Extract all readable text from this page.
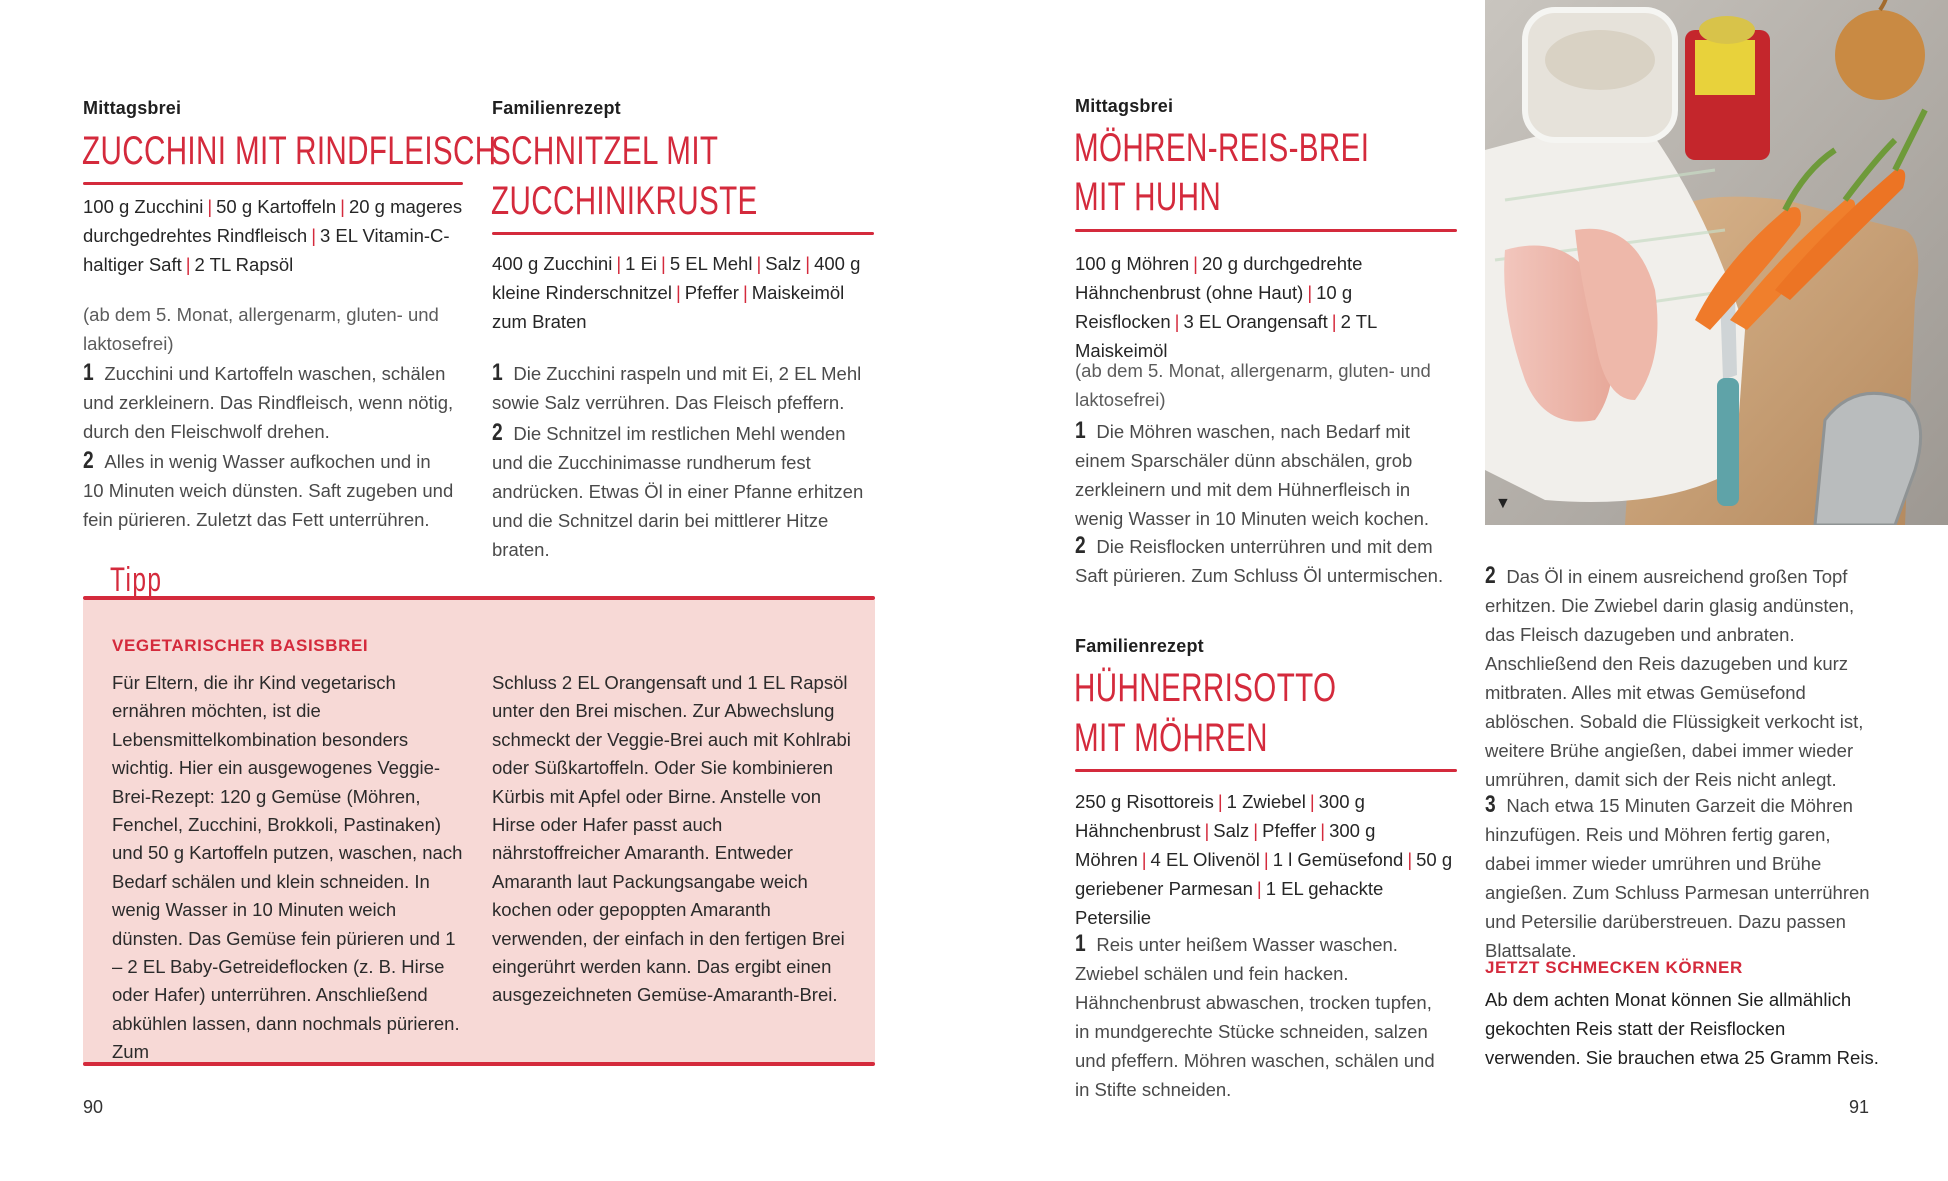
Mittagsbrei
ZUCCHINI MIT RINDFLEISCH
100 g Zucchini | 50 g Kartoffeln | 20 g mageres durchgedrehtes Rindfleisch | 3 EL Vitamin-C-haltiger Saft | 2 TL Rapsöl
(ab dem 5. Monat, allergenarm, gluten- und laktosefrei)
1 Zucchini und Kartoffeln waschen, schälen und zerkleinern. Das Rindfleisch, wenn nötig, durch den Fleischwolf drehen.
2 Alles in wenig Wasser aufkochen und in 10 Minuten weich dünsten. Saft zugeben und fein pürieren. Zuletzt das Fett unterrühren.
Familienrezept
SCHNITZEL MIT
ZUCCHINIKRUSTE
400 g Zucchini | 1 Ei | 5 EL Mehl | Salz | 400 g kleine Rinderschnitzel | Pfeffer | Maiskeimöl zum Braten
1 Die Zucchini raspeln und mit Ei, 2 EL Mehl sowie Salz verrühren. Das Fleisch pfeffern.
2 Die Schnitzel im restlichen Mehl wenden und die Zucchinimasse rundherum fest andrücken. Etwas Öl in einer Pfanne erhitzen und die Schnitzel darin bei mittlerer Hitze braten.
Tipp
VEGETARISCHER BASISBREI
Für Eltern, die ihr Kind vegetarisch ernähren möchten, ist die Lebensmittelkombination besonders wichtig. Hier ein ausgewogenes Veggie-Brei-Rezept: 120 g Gemüse (Möhren, Fenchel, Zucchini, Brokkoli, Pastinaken) und 50 g Kartoffeln putzen, waschen, nach Bedarf schälen und klein schneiden. In wenig Wasser in 10 Minuten weich dünsten. Das Gemüse fein pürieren und 1 – 2 EL Baby-Getreideflocken (z. B. Hirse oder Hafer) unterrühren. Anschließend abkühlen lassen, dann nochmals pürieren. Zum
Schluss 2 EL Orangensaft und 1 EL Rapsöl unter den Brei mischen. Zur Abwechslung schmeckt der Veggie-Brei auch mit Kohlrabi oder Süßkartoffeln. Oder Sie kombinieren Kürbis mit Apfel oder Birne. Anstelle von Hirse oder Hafer passt auch nährstoffreicher Amaranth. Entweder Amaranth laut Packungsangabe weich kochen oder gepoppten Amaranth verwenden, der einfach in den fertigen Brei eingerührt werden kann. Das ergibt einen ausgezeichneten Gemüse-Amaranth-Brei.
90
Mittagsbrei
MÖHREN-REIS-BREI
MIT HUHN
100 g Möhren | 20 g durchgedrehte Hähnchenbrust (ohne Haut) | 10 g Reisflocken | 3 EL Orangensaft | 2 TL Maiskeimöl
(ab dem 5. Monat, allergenarm, gluten- und laktosefrei)
1 Die Möhren waschen, nach Bedarf mit einem Sparschäler dünn abschälen, grob zerkleinern und mit dem Hühnerfleisch in wenig Wasser in 10 Minuten weich kochen.
2 Die Reisflocken unterrühren und mit dem Saft pürieren. Zum Schluss Öl untermischen.
Familienrezept
HÜHNERRISOTTO
MIT MÖHREN
250 g Risottoreis | 1 Zwiebel | 300 g Hähnchenbrust | Salz | Pfeffer | 300 g Möhren | 4 EL Olivenöl | 1 l Gemüsefond | 50 g geriebener Parmesan | 1 EL gehackte Petersilie
1 Reis unter heißem Wasser waschen. Zwiebel schälen und fein hacken. Hähnchenbrust abwaschen, trocken tupfen, in mundgerechte Stücke schneiden, salzen und pfeffern. Möhren waschen, schälen und in Stifte schneiden.
2 Das Öl in einem ausreichend großen Topf erhitzen. Die Zwiebel darin glasig andünsten, das Fleisch dazugeben und anbraten. Anschließend den Reis dazugeben und kurz mitbraten. Alles mit etwas Gemüsefond ablöschen. Sobald die Flüssigkeit verkocht ist, weitere Brühe angießen, dabei immer wieder umrühren, damit sich der Reis nicht anlegt.
3 Nach etwa 15 Minuten Garzeit die Möhren hinzufügen. Reis und Möhren fertig garen, dabei immer wieder umrühren und Brühe angießen. Zum Schluss Parmesan unterrühren und Petersilie darüberstreuen. Dazu passen Blattsalate.
JETZT SCHMECKEN KÖRNER
Ab dem achten Monat können Sie allmählich gekochten Reis statt der Reisflocken verwenden. Sie brauchen etwa 25 Gramm Reis.
91
▼
